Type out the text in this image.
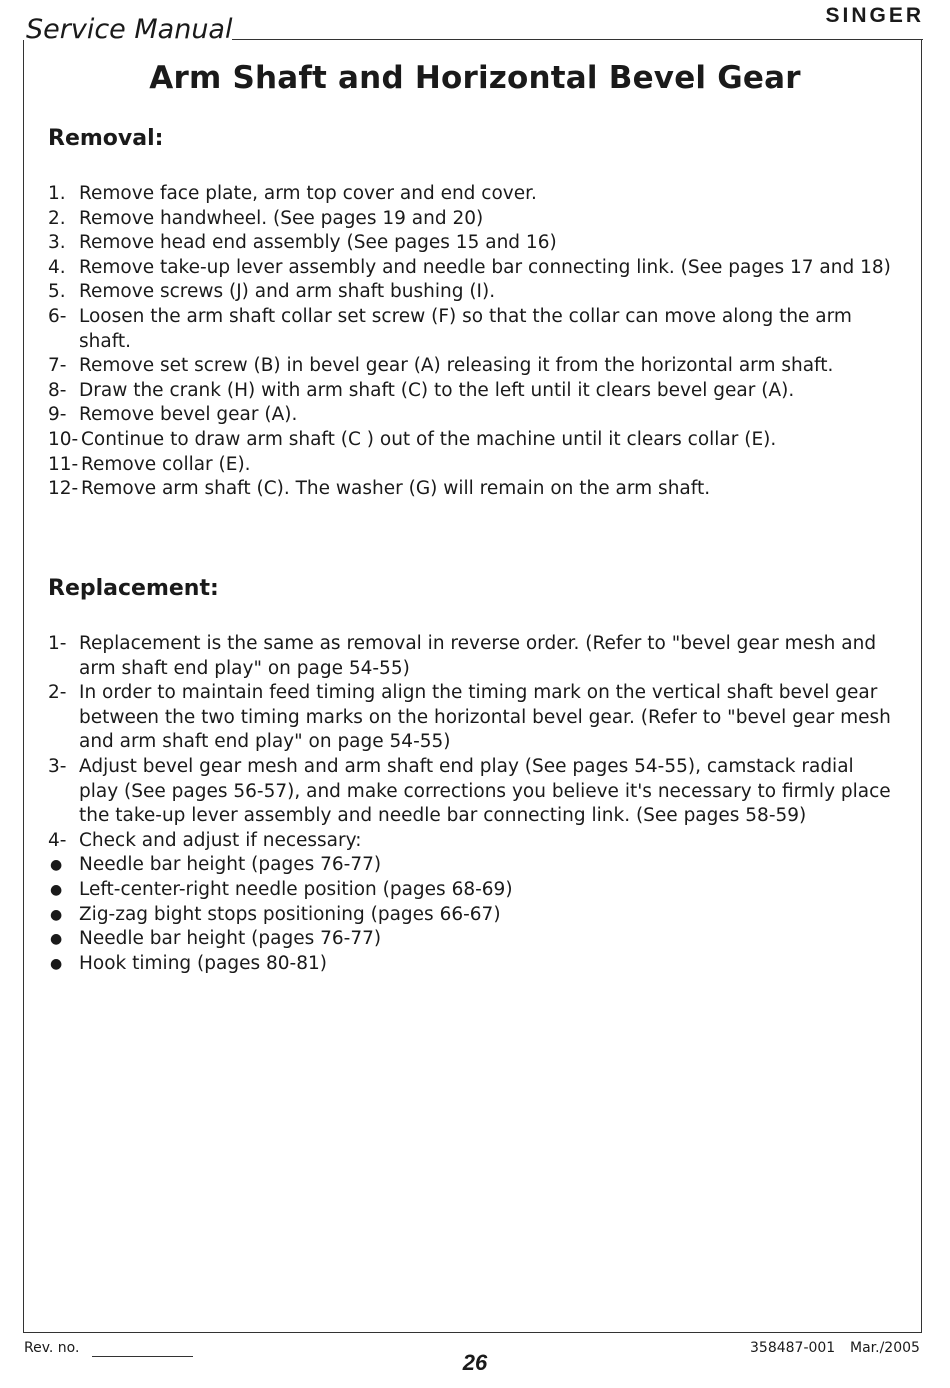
Service Manual	SINGER
Arm Shaft and Horizontal Bevel Gear
Removal:
1. Remove face plate, arm top cover and end cover.
2. Remove handwheel. (See pages 19 and 20)
3. Remove head end assembly (See pages 15 and 16)
4. Remove take-up lever assembly and needle bar connecting link. (See pages 17 and 18)
5. Remove screws (J) and arm shaft bushing (I).
6- Loosen the arm shaft collar set screw (F) so that the collar can move along the arm shaft.
7- Remove set screw (B) in bevel gear (A) releasing it from the horizontal arm shaft.
8- Draw the crank (H) with arm shaft (C) to the left until it clears bevel gear (A).
9- Remove bevel gear (A).
10- Continue to draw arm shaft (C ) out of the machine until it clears collar (E).
11- Remove collar (E).
12- Remove arm shaft (C). The washer (G) will remain on the arm shaft.
Replacement:
1- Replacement is the same as removal in reverse order. (Refer to "bevel gear mesh and arm shaft end play" on page 54-55)
2- In order to maintain feed timing align the timing mark on the vertical shaft bevel gear between the two timing marks on the horizontal bevel gear. (Refer to "bevel gear mesh and arm shaft end play" on page 54-55)
3- Adjust bevel gear mesh and arm shaft end play (See pages 54-55), camstack radial play (See pages 56-57), and make corrections you believe it's necessary to firmly place the take-up lever assembly and needle bar connecting link. (See pages 58-59)
4- Check and adjust if necessary:
● Needle bar height (pages 76-77)
● Left-center-right needle position (pages 68-69)
● Zig-zag bight stops positioning (pages 66-67)
● Needle bar height (pages 76-77)
● Hook timing (pages 80-81)
Rev. no.
26
358487-001 Mar./2005
